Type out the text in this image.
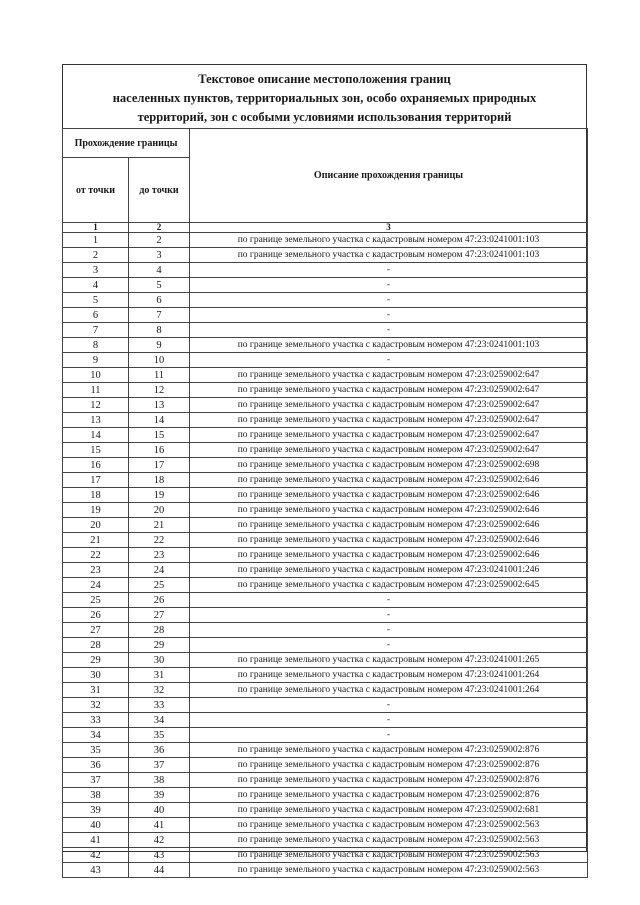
Текстовое описание местоположения границ
населенных пунктов, территориальных зон, особо охраняемых природных
территорий, зон с особыми условиями использования территорий
Прохождение границы		Описание прохождения границы
от точки	до точки	
1	2	3
1	2	по границе земельного участка с кадастровым номером 47:23:0241001:103
2	3	по границе земельного участка с кадастровым номером 47:23:0241001:103
3	4	-
4	5	-
5	6	-
6	7	-
7	8	-
8	9	по границе земельного участка с кадастровым номером 47:23:0241001:103
9	10	-
10	11	по границе земельного участка с кадастровым номером 47:23:0259002:647
11	12	по границе земельного участка с кадастровым номером 47:23:0259002:647
12	13	по границе земельного участка с кадастровым номером 47:23:0259002:647
13	14	по границе земельного участка с кадастровым номером 47:23:0259002:647
14	15	по границе земельного участка с кадастровым номером 47:23:0259002:647
15	16	по границе земельного участка с кадастровым номером 47:23:0259002:647
16	17	по границе земельного участка с кадастровым номером 47:23:0259002:698
17	18	по границе земельного участка с кадастровым номером 47:23:0259002:646
18	19	по границе земельного участка с кадастровым номером 47:23:0259002:646
19	20	по границе земельного участка с кадастровым номером 47:23:0259002:646
20	21	по границе земельного участка с кадастровым номером 47:23:0259002:646
21	22	по границе земельного участка с кадастровым номером 47:23:0259002:646
22	23	по границе земельного участка с кадастровым номером 47:23:0259002:646
23	24	по границе земельного участка с кадастровым номером 47:23:0241001:246
24	25	по границе земельного участка с кадастровым номером 47:23:0259002:645
25	26	-
26	27	-
27	28	-
28	29	-
29	30	по границе земельного участка с кадастровым номером 47:23:0241001:265
30	31	по границе земельного участка с кадастровым номером 47:23:0241001:264
31	32	по границе земельного участка с кадастровым номером 47:23:0241001:264
32	33	-
33	34	-
34	35	-
35	36	по границе земельного участка с кадастровым номером 47:23:0259002:876
36	37	по границе земельного участка с кадастровым номером 47:23:0259002:876
37	38	по границе земельного участка с кадастровым номером 47:23:0259002:876
38	39	по границе земельного участка с кадастровым номером 47:23:0259002:876
39	40	по границе земельного участка с кадастровым номером 47:23:0259002:681
40	41	по границе земельного участка с кадастровым номером 47:23:0259002:563
41	42	по границе земельного участка с кадастровым номером 47:23:0259002:563
42	43	по границе земельного участка с кадастровым номером 47:23:0259002:563
43	44	по границе земельного участка с кадастровым номером 47:23:0259002:563
